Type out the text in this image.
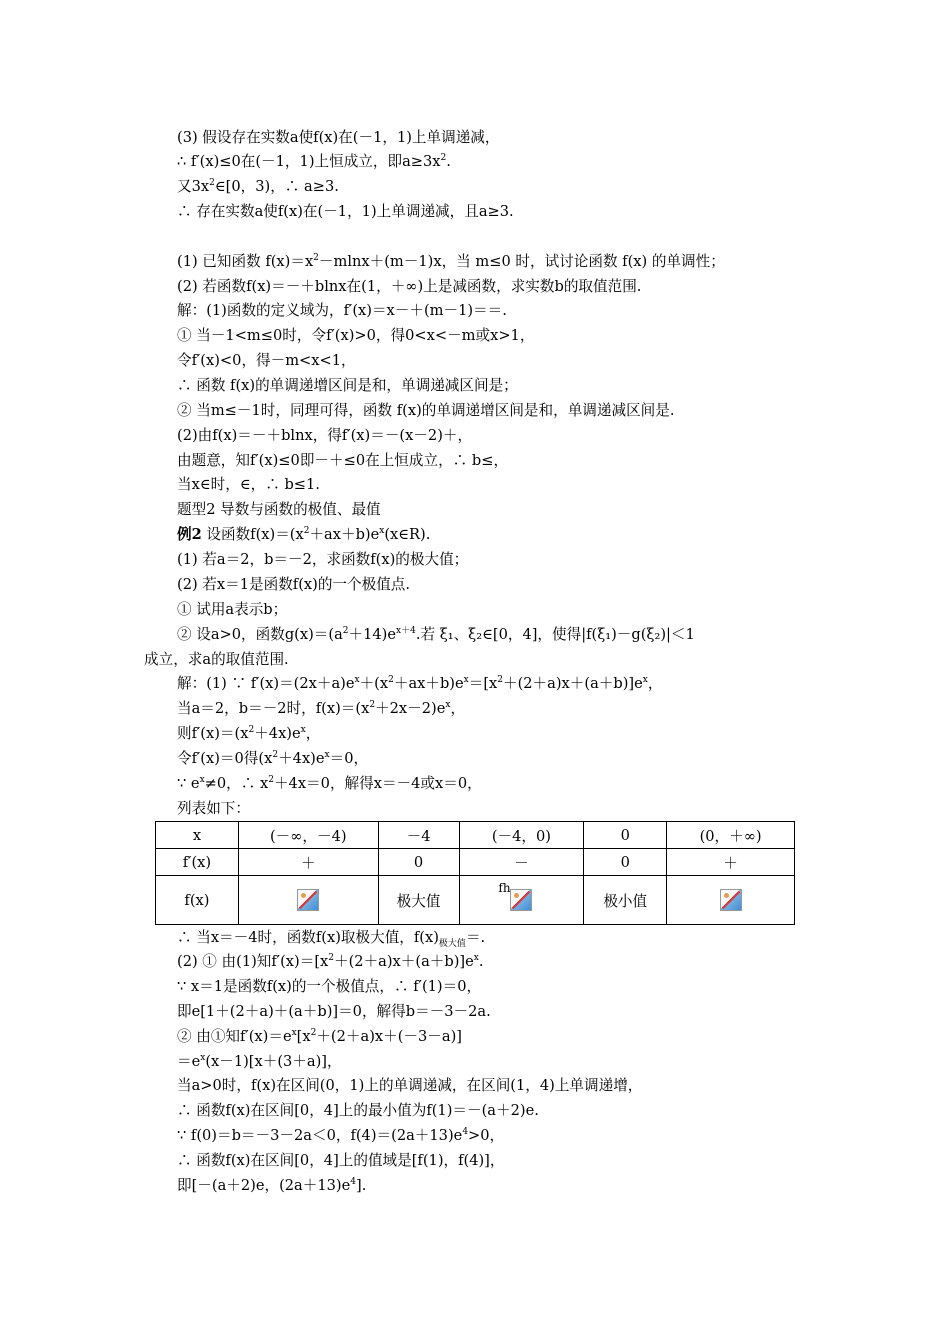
(3) 假设存在实数a使f(x)在(－1，1)上单调递减，
∴ f′(x)≤0在(－1，1)上恒成立，即$a\ge 3x^2$.
又$3x^2\in[0$，3)，∴ a≥3.
∴ 存在实数a使f(x)在(－1，1)上单调递减，且a≥3.
(1) 已知函数 $f(x)=x^2-mlnx+(m-1)x$，当 m≤0 时，试讨论函数 f(x) 的单调性；
(2) 若函数f(x)＝－＋blnx在(1，＋∞)上是减函数，求实数b的取值范围.
解：(1)函数的定义域为，f′(x)＝x－＋(m－1)＝＝.
① 当－1<m≤0时，令f′(x)>0，得0<x<－m或x>1，
令f′(x)<0，得－m<x<1，
∴ 函数 f(x)的单调递增区间是和，单调递减区间是；
② 当m≤－1时，同理可得，函数 f(x)的单调递增区间是和，单调递减区间是.
(2)由f(x)＝－＋blnx，得f′(x)＝－(x－2)＋，
由题意，知f′(x)≤0即－＋≤0在上恒成立，∴ b≤，
当x∈时，∈，∴ b≤1.
题型2 导数与函数的极值、最值
例2 设函数$f(x)=(x^2+ax+b)e^x(x\in R)$.
(1) 若a＝2，b＝－2，求函数f(x)的极大值；
(2) 若x＝1是函数f(x)的一个极值点.
① 试用a表示b；
② 设a>0，函数$g(x)=(a^2+14)e^{x+4}$.若 ξ₁、ξ₂∈[0，4]，使得|f(ξ₁)－g(ξ₂)|＜1
成立，求a的取值范围.
解：(1) ∵ $f'(x)=(2x+a)e^x+(x^2+ax+b)e^x=[x^2+(2+a)x+(a+b)]e^x$，
当a＝2，b＝－2时，$f(x)=(x^2+2x-2)e^x$，
则$f'(x)=(x^2+4x)e^x$，
令f′(x)＝0得$(x^2+4x)e^x=0$，
∵ $e^x\ne 0$，∴ $x^2+4x=0$，解得x＝－4或x＝0，
列表如下：
x	(－∞，－4)	－4	(－4，0)	0	(0，＋∞)
f′(x)	＋	0	－	0	＋
f(x)		极大值	fh	极小值	
∴ 当x＝－4时，函数f(x)取极大值，$f(x)_{极大值}=$.
(2) ① 由(1)知$f'(x)=[x^2+(2+a)x+(a+b)]e^x$.
∵ x＝1是函数f(x)的一个极值点，∴ f′(1)＝0，
即e[1＋(2＋a)＋(a＋b)]＝0，解得b＝－3－2a.
② 由①知$f'(x)=e^x[x^2+(2+a)x+(-3-a)]$
$=e^x(x-1)[x+(3+a)]$，
当a>0时，f(x)在区间(0，1)上的单调递减，在区间(1，4)上单调递增，
∴ 函数f(x)在区间[0，4]上的最小值为f(1)＝－(a＋2)e.
∵ f(0)＝b＝－3－2a＜0，$f(4)=(2a+13)e^4>0$，
∴ 函数f(x)在区间[0，4]上的值域是[f(1)，f(4)]，
即[－(a＋2)e，$(2a+13)e^4$].
